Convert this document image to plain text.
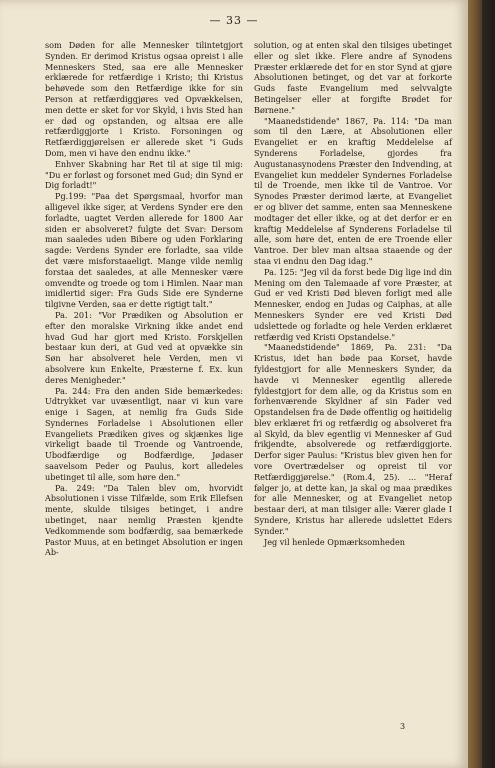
— 33 —

som Døden for alle Mennesker tilintetgjort Synden. Er derimod Kristus ogsaa opreist i alle Menneskers Sted, saa ere alle Mennesker erklærede for retfærdige i Kristo; thi Kristus behøvede som den Retfærdige ikke for sin Person at retfærdiggjøres ved Opvækkelsen, men dette er sket for vor Skyld, i hvis Sted han er død og opstanden, og altsaa ere alle retfærdiggjorte i Kristo. Forsoningen og Retfærdiggjørelsen er allerede sket "i Guds Dom, men vi have den endnu ikke."

Enhver Skabning har Ret til at sige til mig: "Du er forløst og forsonet med Gud; din Synd er Dig forladt!"

Pg.199: "Paa det Spørgsmaal, hvorfor man alligevel ikke siger, at Verdens Synder ere den forladte, uagtet Verden allerede for 1800 Aar siden er absolveret? fulgte det Svar: Dersom man saaledes uden Bibere og uden Forklaring sagde: Verdens Synder ere forladte, saa vilde det være misforstaaeligt. Mange vilde nemlig forstaa det saaledes, at alle Mennesker være omvendte og troede og tom i Himlen. Naar man imidlertid siger: Fra Guds Side ere Synderne tilgivne Verden, saa er dette rigtigt talt."

Pa. 201: "Vor Prædiken og Absolution er efter den moralske Virkning ikke andet end hvad Gud har gjort med Kristo. Forskjellen bestaar kun deri, at Gud ved at opvække sin Søn har absolveret hele Verden, men vi absolvere kun Enkelte, Præsterne f. Ex. kun deres Menigheder."

Pa. 244: Fra den anden Side bemærkedes: Udtrykket var uvæsentligt, naar vi kun vare enige i Sagen, at nemlig fra Guds Side Syndernes Forladelse i Absolutionen eller Evangeliets Prædiken gives og skjænkes lige virkeligt baade til Troende og Vantroende, Ubodfærdige og Bodfærdige, Jødaser saavelsom Peder og Paulus, kort alledeles ubetinget til alle, som høre den."

Pa. 249: "Da Talen blev om, hvorvidt Absolutionen i visse Tilfælde, som Erik Ellefsen mente, skulde tilsiges betinget, i andre ubetinget, naar nemlig Præsten kjendte Vedkommende som bodfærdig, saa bemærkede Pastor Muus, at en betinget Absolution er ingen Ab-

solution, og at enten skal den tilsiges ubetinget eller og slet ikke. Flere andre af Synodens Præster erklærede det for en stor Synd at gjøre Absolutionen betinget, og det var at forkorte Guds faste Evangelium med selvvalgte Betingelser eller at forgifte Brødet for Børnene."

"Maanedstidende" 1867, Pa. 114: "Da man som til den Lære, at Absolutionen eller Evangeliet er en kraftig Meddelelse af Synderens Forladelse, gjordes fra Augustanasynodens Præster den Indvending, at Evangeliet kun meddeler Syndernes Forladelse til de Troende, men ikke til de Vantroe. Vor Synodes Præster derimod lærte, at Evangeliet er og bliver det samme, enten saa Menneskene modtager det eller ikke, og at det derfor er en kraftig Meddelelse af Synderens Forladelse til alle, som høre det, enten de ere Troende eller Vantroe. Der blev man altsaa staaende og der staa vi endnu den Dag idag."

Pa. 125: "Jeg vil da forst bede Dig lige ind din Mening om den Talemaade af vore Præster, at Gud er ved Kristi Død bleven forligt med alle Mennesker, endog en Judas og Caiphas, at alle Menneskers Synder ere ved Kristi Død udslettede og forladte og hele Verden erklæret retfærdig ved Kristi Opstandelse."

"Maanedstidende" 1869, Pa. 231: "Da Kristus, idet han bøde paa Korset, havde fyldestgjort for alle Menneskers Synder, da havde vi Mennesker egentlig allerede fyldestgjort for dem alle, og da Kristus som en forhenværende Skyldner af sin Fader ved Opstandelsen fra de Døde offentlig og høitidelig blev erklæret fri og retfærdig og absolveret fra al Skyld, da blev egentlig vi Mennesker af Gud frikjendte, absolverede og retfærdiggjorte. Derfor siger Paulus: "Kristus blev given hen for vore Overtrædelser og opreist til vor Retfærdiggjørelse." (Rom.4, 25). ... "Heraf følger jo, at dette kan, ja skal og maa prædikes for alle Mennesker, og at Evangeliet netop bestaar deri, at man tilsiger alle: Værer glade I Syndere, Kristus har allerede udslettet Eders Synder."

Jeg vil henlede Opmærksomheden

3
